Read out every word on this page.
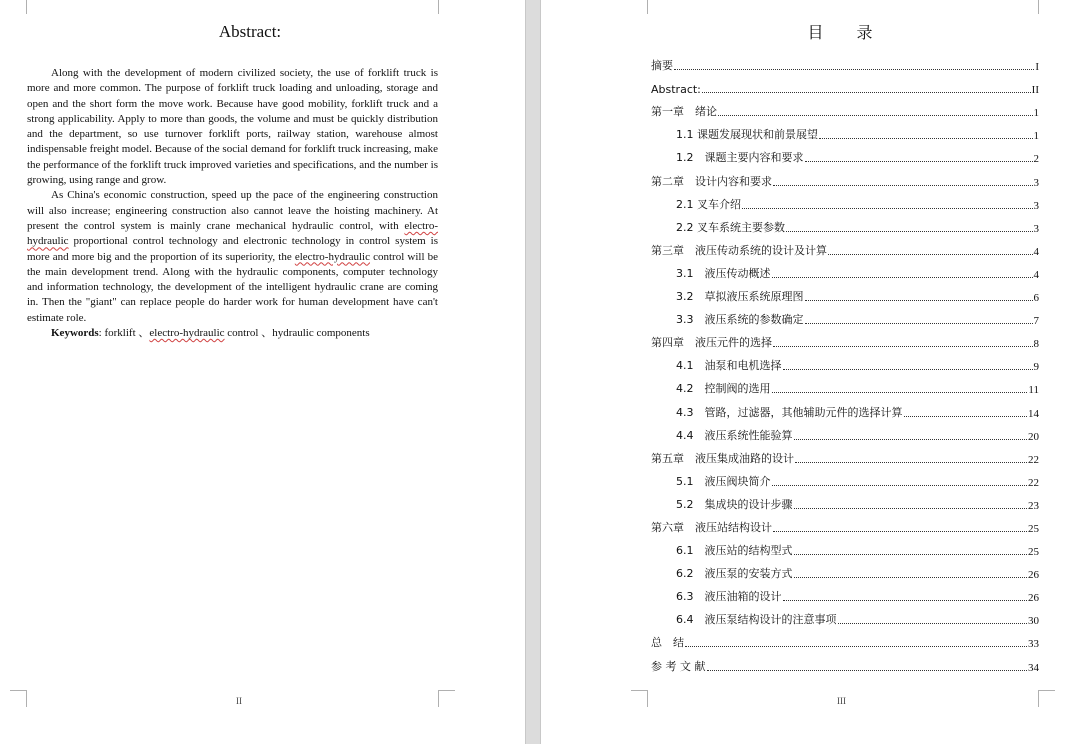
Abstract:

Along with the development of modern civilized society, the use of forklift truck is more and more common. The purpose of forklift truck loading and unloading, storage and open and the short form the move work. Because have good mobility, forklift truck and a strong applicability. Apply to more than goods, the volume and must be quickly distribution and the department, so use turnover forklift ports, railway station, warehouse almost indispensable freight model. Because of the social demand for forklift truck increasing, make the performance of the forklift truck improved varieties and specifications, and the number is growing, using range and grow.

As China's economic construction, speed up the pace of the engineering construction will also increase; engineering construction also cannot leave the hoisting machinery. At present the control system is mainly crane mechanical hydraulic control, with electro-hydraulic proportional control technology and electronic technology in control system is more and more big and the proportion of its superiority, the electro-hydraulic control will be the main development trend. Along with the hydraulic components, computer technology and information technology, the development of the intelligent hydraulic crane are coming in. Then the "giant" can replace people do harder work for human development have can't estimate role.

Keywords: forklift 、electro-hydraulic control 、hydraulic components

II
目 录
摘要	I
Abstract:	II
第一章　绪论	1
1.1 课题发展现状和前景展望	1
1.2　课题主要内容和要求	2
第二章　设计内容和要求	3
2.1 叉车介绍	3
2.2 叉车系统主要参数	3
第三章　液压传动系统的设计及计算	4
3.1　液压传动概述	4
3.2　草拟液压系统原理图	6
3.3　液压系统的参数确定	7
第四章　液压元件的选择	8
4.1　油泵和电机选择	9
4.2　控制阀的选用	11
4.3　管路，过滤器，其他辅助元件的选择计算	14
4.4　液压系统性能验算	20
第五章　液压集成油路的设计	22
5.1　液压阀块简介	22
5.2　集成块的设计步骤	23
第六章　液压站结构设计	25
6.1　液压站的结构型式	25
6.2　液压泵的安装方式	26
6.3　液压油箱的设计	26
6.4　液压泵结构设计的注意事项	30
总　结	33
参 考 文 献	34
III
